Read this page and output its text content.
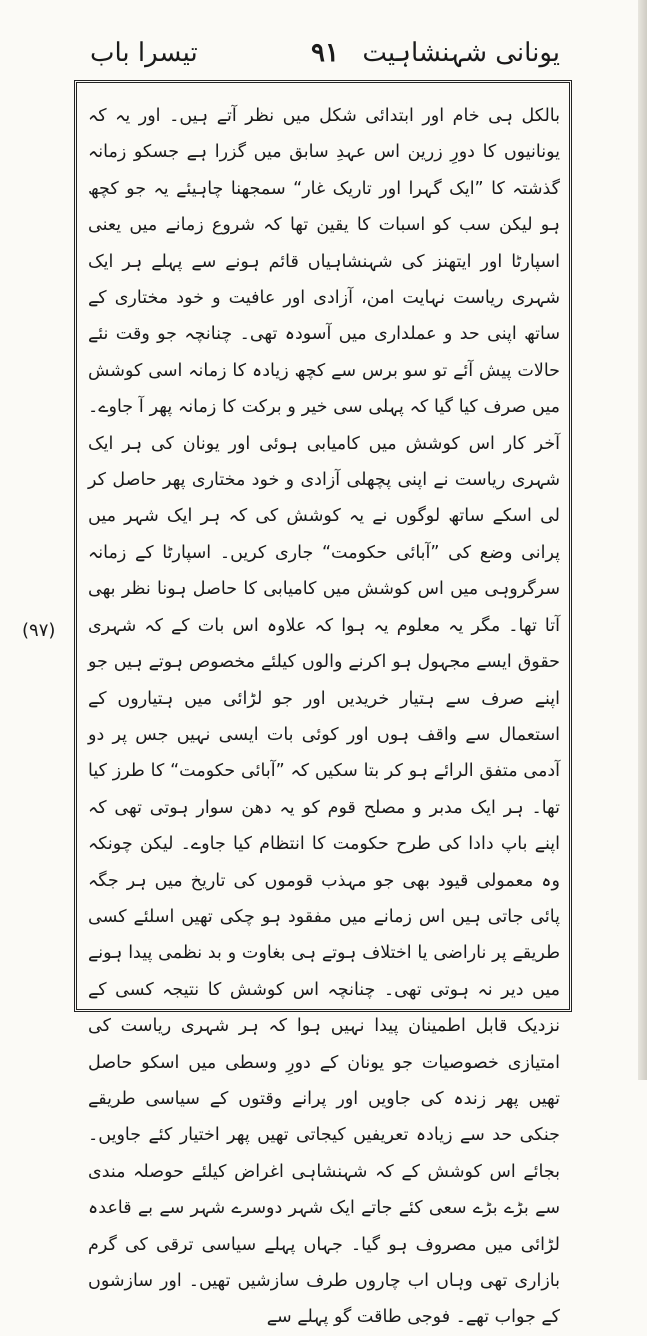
تیسرا باب	۹۱ یونانی شہنشاہیت

بالکل ہی خام اور ابتدائی شکل میں نظر آتے ہیں۔ اور یہ کہ یونانیوں کا دورِ زرین اس عہدِ سابق میں گزرا ہے جسکو زمانہ گذشتہ کا ”ایک گہرا اور تاریک غار“ سمجھنا چاہیئے یہ جو کچھ ہو لیکن سب کو اسبات کا یقین تھا کہ شروع زمانے میں یعنی اسپارٹا اور ایتھنز کی شہنشاہیاں قائم ہونے سے پہلے ہر ایک شہری ریاست نہایت امن، آزادی اور عافیت و خود مختاری کے ساتھ اپنی حد و عملداری میں آسودہ تھی۔ چنانچہ جو وقت نئے حالات پیش آئے تو سو برس سے کچھ زیادہ کا زمانہ اسی کوشش میں صرف کیا گیا کہ پہلی سی خیر و برکت کا زمانہ پھر آ جاوے۔ آخر کار اس کوشش میں کامیابی ہوئی اور یونان کی ہر ایک شہری ریاست نے اپنی پچھلی آزادی و خود مختاری پھر حاصل کر لی اسکے ساتھ لوگوں نے یہ کوشش کی کہ ہر ایک شہر میں پرانی وضع کی ”آبائی حکومت“ جاری کریں۔ اسپارٹا کے زمانہ سرگروہی میں اس کوشش میں کامیابی کا حاصل ہونا نظر بھی آتا تھا۔ مگر یہ معلوم یہ ہوا کہ علاوہ اس بات کے کہ شہری حقوق ایسے مجہول ہو اکرنے والوں کیلئے مخصوص ہوتے ہیں جو اپنے صرف سے ہتیار خریدیں اور جو لڑائی میں ہتیاروں کے استعمال سے واقف ہوں اور کوئی بات ایسی نہیں جس پر دو آدمی متفق الرائے ہو کر بتا سکیں کہ ”آبائی حکومت“ کا طرز کیا تھا۔ ہر ایک مدبر و مصلح قوم کو یہ دھن سوار ہوتی تھی کہ اپنے باپ دادا کی طرح حکومت کا انتظام کیا جاوے۔ لیکن چونکہ وہ معمولی قیود بھی جو مہذب قوموں کی تاریخ میں ہر جگہ پائی جاتی ہیں اس زمانے میں مفقود ہو چکی تھیں اسلئے کسی طریقے پر ناراضی یا اختلاف ہوتے ہی بغاوت و بد نظمی پیدا ہونے میں دیر نہ ہوتی تھی۔ چنانچہ اس کوشش کا نتیجہ کسی کے نزدیک قابل اطمینان پیدا نہیں ہوا کہ ہر شہری ریاست کی امتیازی خصوصیات جو یونان کے دورِ وسطی میں اسکو حاصل تھیں پھر زندہ کی جاویں اور پرانے وقتوں کے سیاسی طریقے جنکی حد سے زیادہ تعریفیں کیجاتی تھیں پھر اختیار کئے جاویں۔ بجائے اس کوشش کے کہ شہنشاہی اغراض کیلئے حوصلہ مندی سے بڑے بڑے سعی کئے جاتے ایک شہر دوسرے شہر سے بے قاعدہ لڑائی میں مصروف ہو گیا۔ جہاں پہلے سیاسی ترقی کی گرم بازاری تھی وہاں اب چاروں طرف سازشیں تھیں۔ اور سازشوں کے جواب تھے۔ فوجی طاقت گو پہلے سے

(۹۷)
